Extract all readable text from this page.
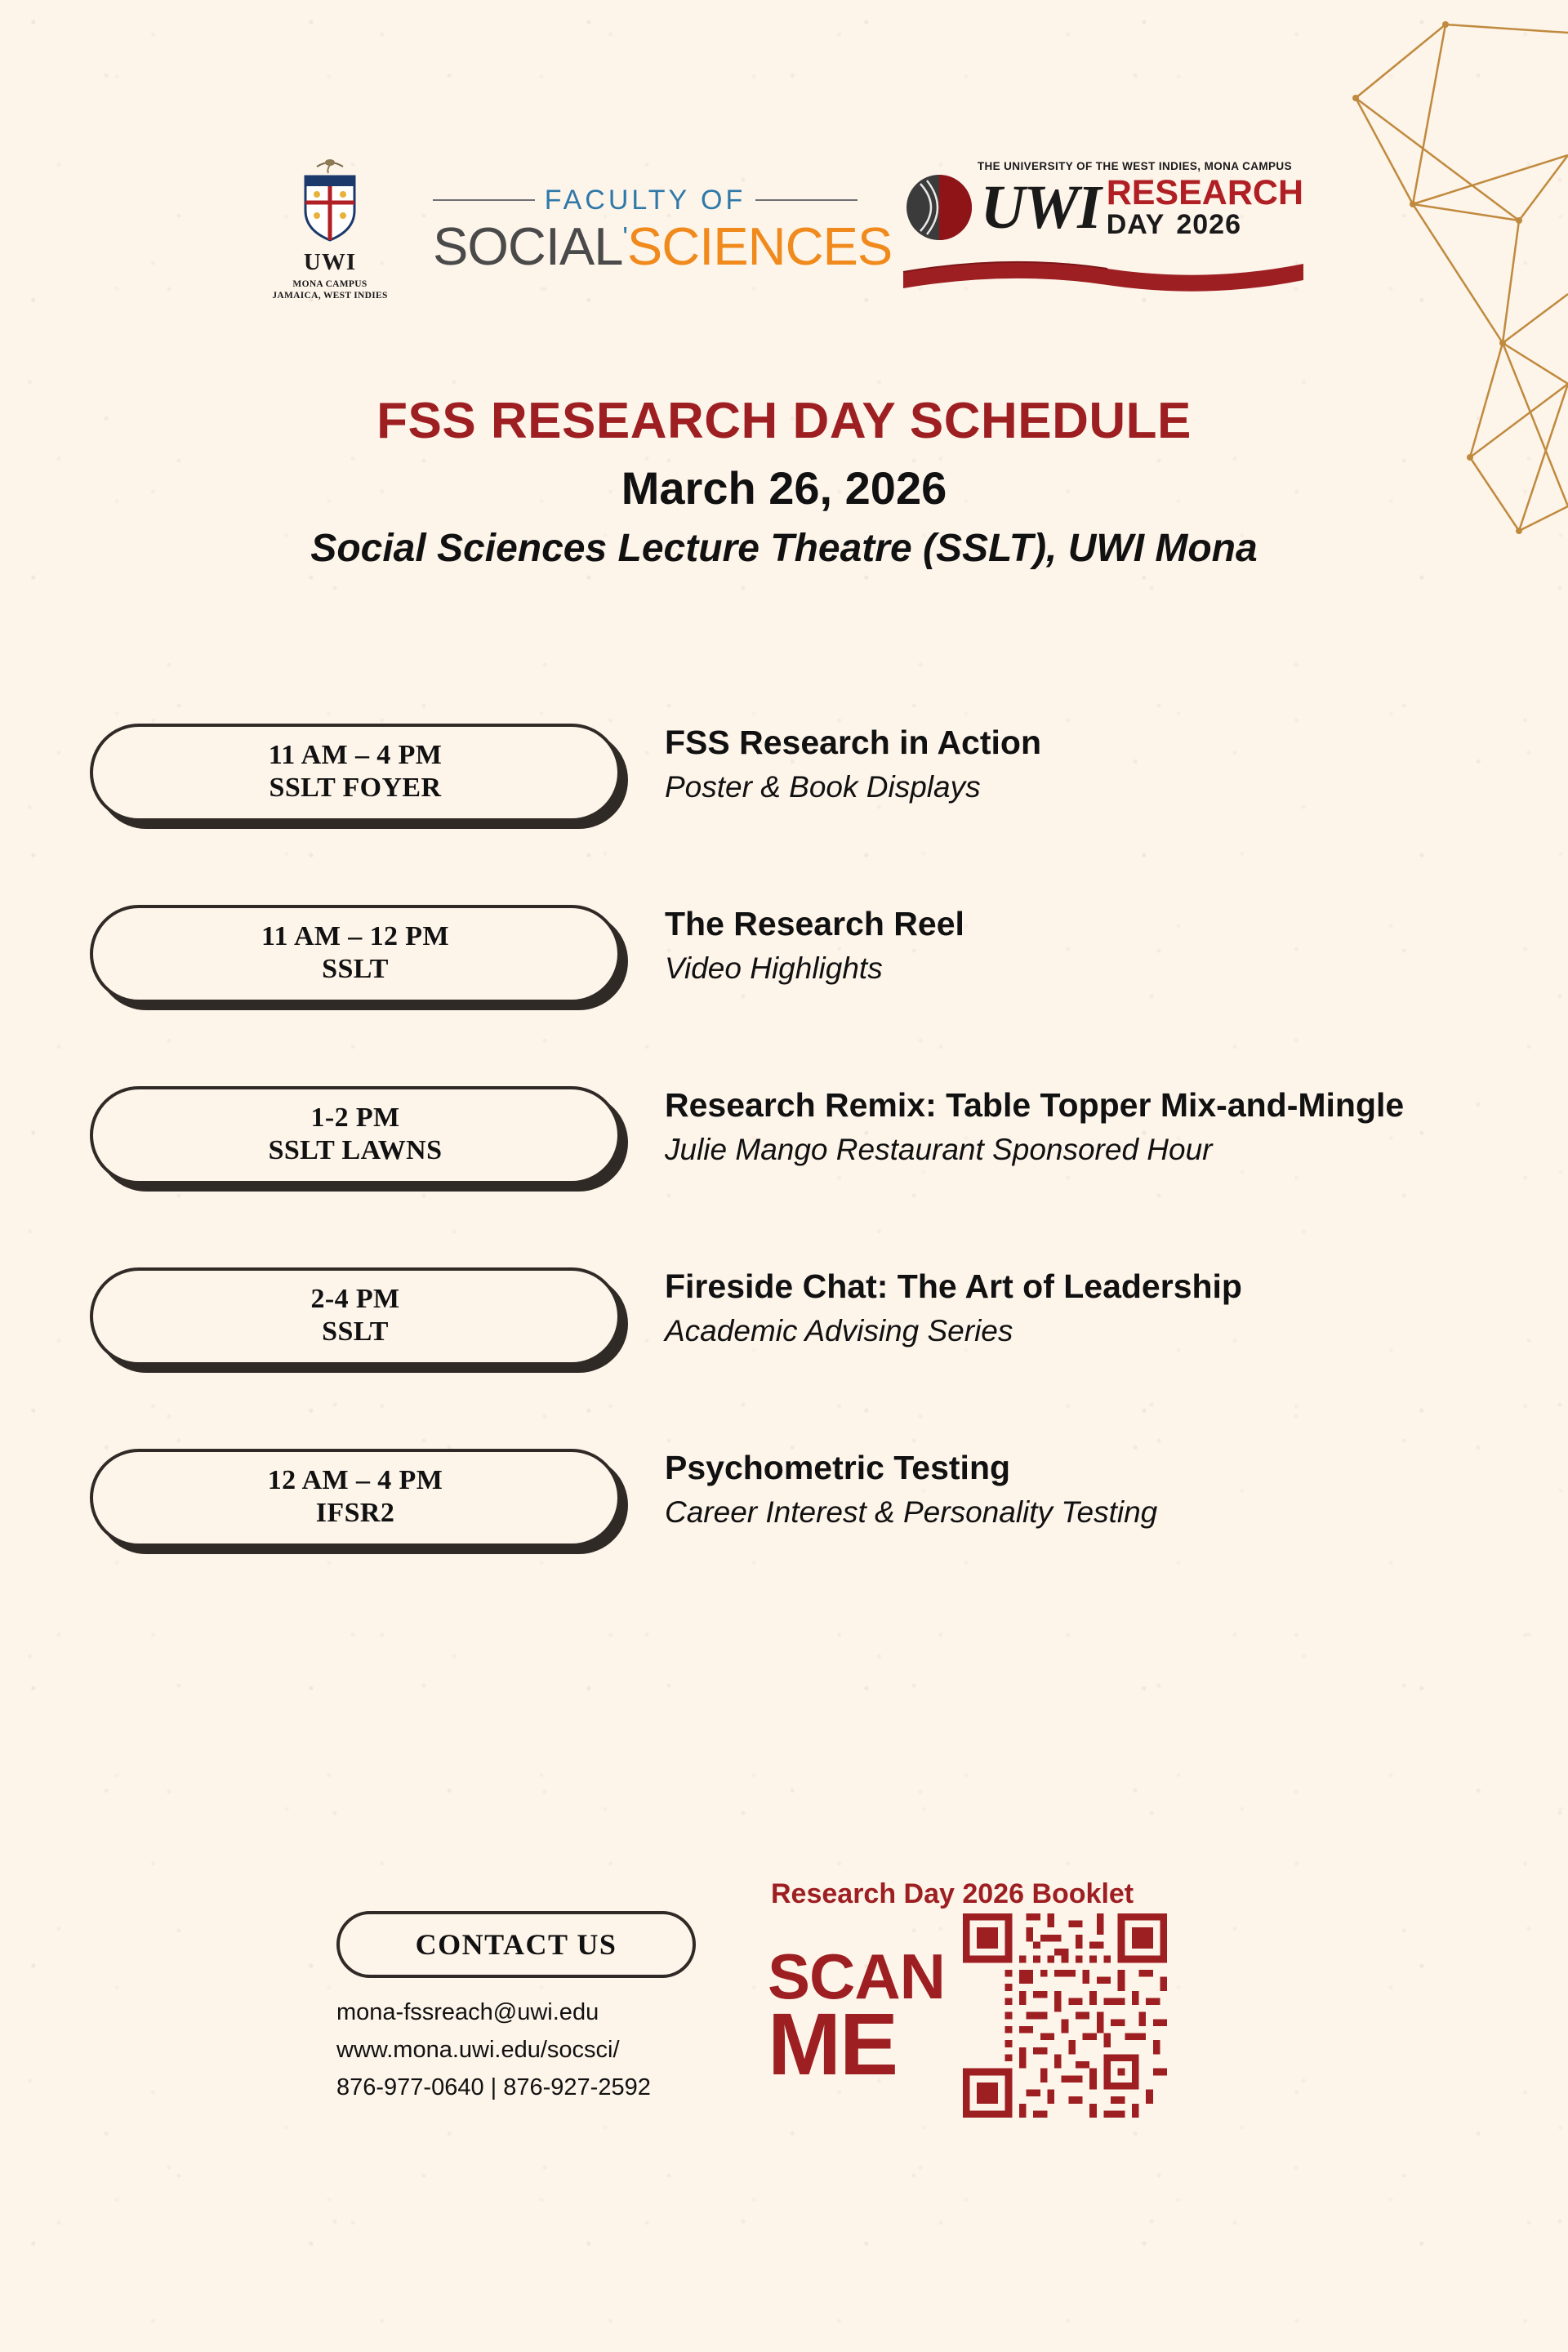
UWI
MONA CAMPUS
JAMAICA, WEST INDIES
FACULTY OF
SOCIAL'SCIENCES
THE UNIVERSITY OF THE WEST INDIES, MONA CAMPUS
UWI RESEARCH
DAY 2026
FSS RESEARCH DAY SCHEDULE
March 26, 2026
Social Sciences Lecture Theatre (SSLT), UWI Mona
11 AM – 4 PM
SSLT FOYER
FSS Research in Action
Poster & Book Displays
11 AM – 12 PM
SSLT
The Research Reel
Video Highlights
1-2 PM
SSLT LAWNS
Research Remix: Table Topper Mix-and-Mingle
Julie Mango Restaurant Sponsored Hour
2-4 PM
SSLT
Fireside Chat: The Art of Leadership
Academic Advising Series
12 AM – 4 PM
IFSR2
Psychometric Testing
Career Interest & Personality Testing
CONTACT US
mona-fssreach@uwi.edu
www.mona.uwi.edu/socsci/
876-977-0640 | 876-927-2592
Research Day 2026 Booklet
SCAN
ME
